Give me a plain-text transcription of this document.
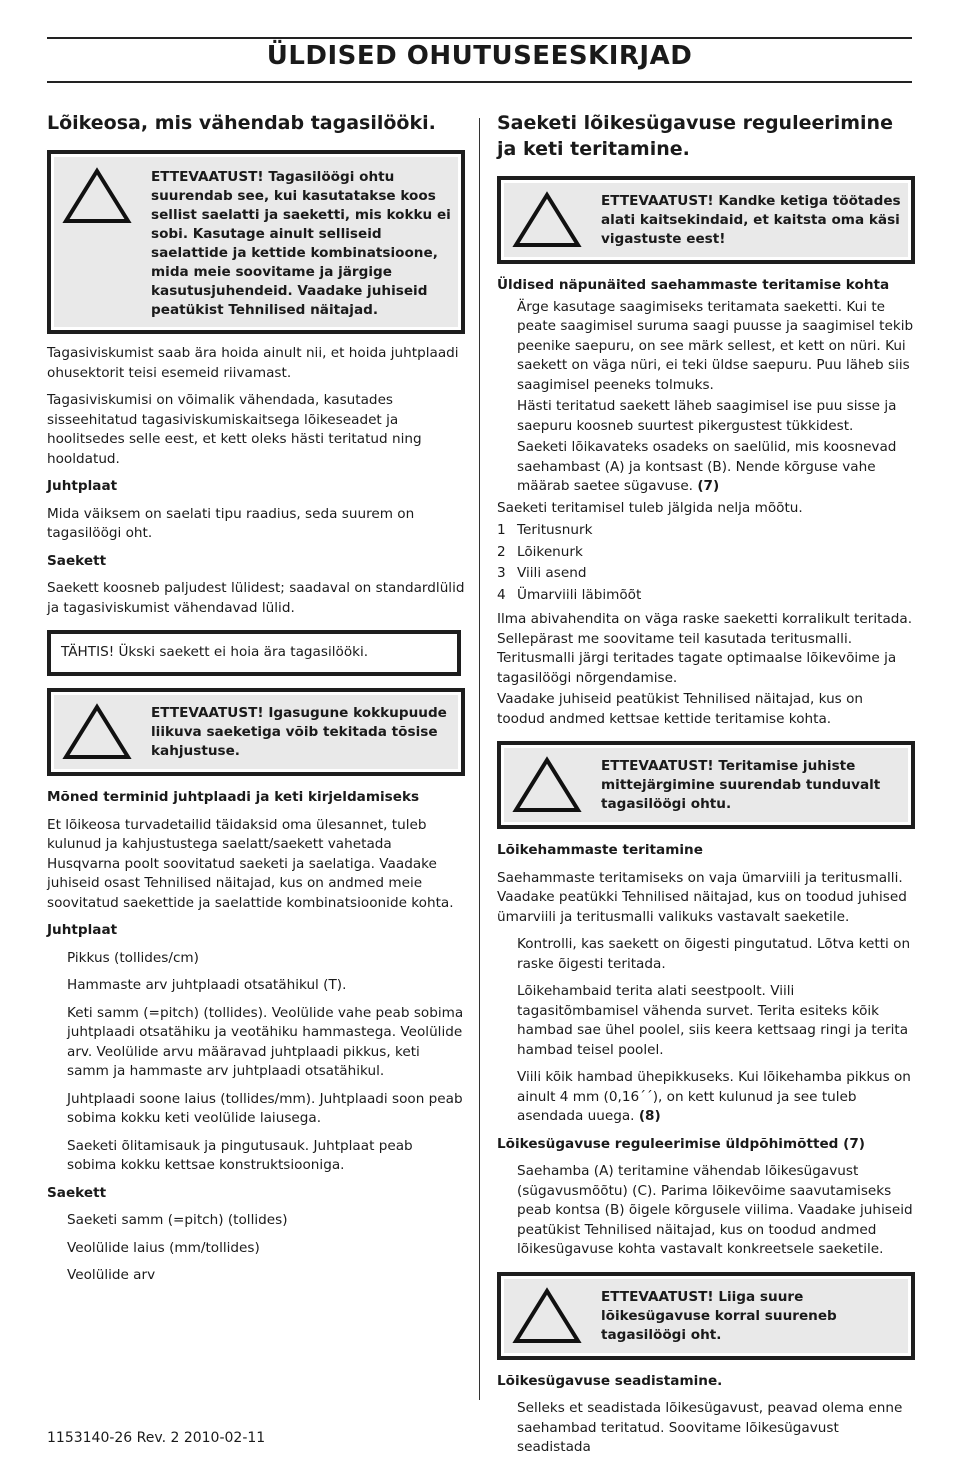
ÜLDISED OHUTUSEESKIRJAD
Lõikeosa, mis vähendab tagasilööki.
ETTEVAATUST! Tagasilöögi ohtu suurendab see, kui kasutatakse koos sellist saelatti ja saeketti, mis kokku ei sobi. Kasutage ainult selliseid saelattide ja kettide kombinatsioone, mida meie soovitame ja järgige kasutusjuhendeid. Vaadake juhiseid peatükist Tehnilised näitajad.

Tagasiviskumist saab ära hoida ainult nii, et hoida juhtplaadi ohusektorit teisi esemeid riivamast.

Tagasiviskumisi on võimalik vähendada, kasutades sisseehitatud tagasiviskumiskaitsega lõikeseadet ja hoolitsedes selle eest, et kett oleks hästi teritatud ning hooldatud.

Juhtplaat

Mida väiksem on saelati tipu raadius, seda suurem on tagasilöögi oht.

Saekett

Saekett koosneb paljudest lülidest; saadaval on standardlülid ja tagasiviskumist vähendavad lülid.

TÄHTIS! Ükski saekett ei hoia ära tagasilööki.
ETTEVAATUST! Igasugune kokkupuude liikuva saeketiga võib tekitada tõsise kahjustuse.
Mõned terminid juhtplaadi ja keti kirjeldamiseks

Et lõikeosa turvadetailid täidaksid oma ülesannet, tuleb kulunud ja kahjustustega saelatt/saekett vahetada Husqvarna poolt soovitatud saeketi ja saelatiga. Vaadake juhiseid osast Tehnilised näitajad, kus on andmed meie soovitatud saekettide ja saelattide kombinatsioonide kohta.

Juhtplaat

Pikkus (tollides/cm)

Hammaste arv juhtplaadi otsatähikul (T).

Keti samm (=pitch) (tollides). Veolülide vahe peab sobima juhtplaadi otsatähiku ja veotähiku hammastega. Veolülide arv. Veolülide arvu määravad juhtplaadi pikkus, keti samm ja hammaste arv juhtplaadi otsatähikul.

Juhtplaadi soone laius (tollides/mm). Juhtplaadi soon peab sobima kokku keti veolülide laiusega.

Saeketi õlitamisauk ja pingutusauk. Juhtplaat peab sobima kokku kettsae konstruktsiooniga.

Saekett

Saeketi samm (=pitch) (tollides)

Veolülide laius (mm/tollides)

Veolülide arv

Saeketi lõikesügavuse reguleerimine ja keti teritamine.
ETTEVAATUST! Kandke ketiga töötades alati kaitsekindaid, et kaitsta oma käsi vigastuste eest!
Üldised näpunäited saehammaste teritamise kohta

Ärge kasutage saagimiseks teritamata saeketti. Kui te peate saagimisel suruma saagi puusse ja saagimisel tekib peenike saepuru, on see märk sellest, et kett on nüri. Kui saekett on väga nüri, ei teki üldse saepuru. Puu läheb siis saagimisel peeneks tolmuks.

Hästi teritatud saekett läheb saagimisel ise puu sisse ja saepuru koosneb suurtest pikergustest tükkidest.

Saeketi lõikavateks osadeks on saelülid, mis koosnevad saehambast (A) ja kontsast (B). Nende kõrguse vahe määrab saetee sügavuse. (7)

Saeketi teritamisel tuleb jälgida nelja mõõtu.

1 Teritusnurk
2 Lõikenurk
3 Viili asend
4 Ümarviili läbimõõt

Ilma abivahendita on väga raske saeketti korralikult teritada. Sellepärast me soovitame teil kasutada teritusmalli. Teritusmalli järgi teritades tagate optimaalse lõikevõime ja tagasilöögi nõrgendamise.

Vaadake juhiseid peatükist Tehnilised näitajad, kus on toodud andmed kettsae kettide teritamise kohta.

ETTEVAATUST! Teritamise juhiste mittejärgimine suurendab tunduvalt tagasilöögi ohtu.
Lõikehammaste teritamine

Saehammaste teritamiseks on vaja ümarviili ja teritusmalli. Vaadake peatükki Tehnilised näitajad, kus on toodud juhised ümarviili ja teritusmalli valikuks vastavalt saeketile.

Kontrolli, kas saekett on õigesti pingutatud. Lõtva ketti on raske õigesti teritada.

Lõikehambaid terita alati seestpoolt. Viili tagasitõmbamisel vähenda survet. Terita esiteks kõik hambad sae ühel poolel, siis keera kettsaag ringi ja terita hambad teisel poolel.

Viili kõik hambad ühepikkuseks. Kui lõikehamba pikkus on ainult 4 mm (0,16´´), on kett kulunud ja see tuleb asendada uuega. (8)

Lõikesügavuse reguleerimise üldpõhimõtted (7)

Saehamba (A) teritamine vähendab lõikesügavust (sügavusmõõtu) (C). Parima lõikevõime saavutamiseks peab kontsa (B) õigele kõrgusele viilima. Vaadake juhiseid peatükist Tehnilised näitajad, kus on toodud andmed lõikesügavuse kohta vastavalt konkreetsele saeketile.

ETTEVAATUST! Liiga suure lõikesügavuse korral suureneb tagasilöögi oht.
Lõikesügavuse seadistamine.

Selleks et seadistada lõikesügavust, peavad olema enne saehambad teritatud. Soovitame lõikesügavust seadistada

1153140-26 Rev. 2 2010-02-11
